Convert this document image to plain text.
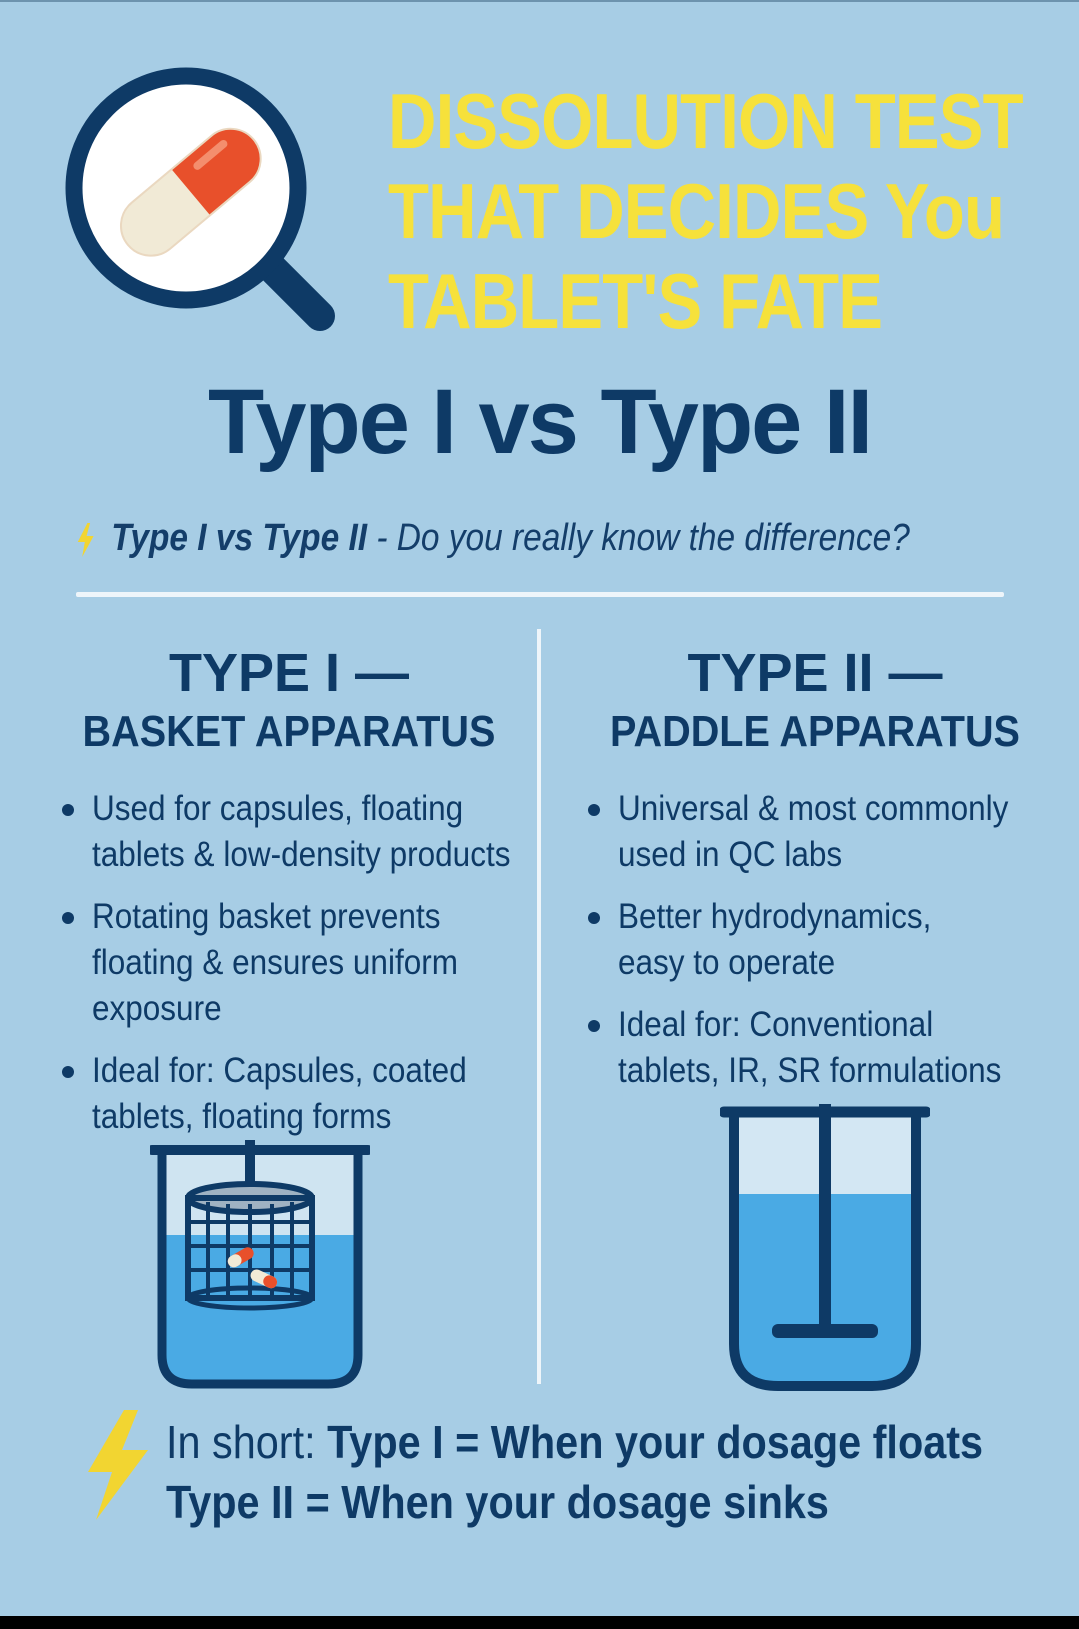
DISSOLUTION TEST
THAT DECIDES You
TABLET'S FATE
Type I vs Type II
Type I vs Type II - Do you really know the difference?
TYPE I —
BASKET APPARATUS
Used for capsules, floating
tablets & low-density products
Rotating basket prevents
floating & ensures uniform
exposure
Ideal for: Capsules, coated
tablets, floating forms
TYPE II —
PADDLE APPARATUS
Universal & most commonly
used in QC labs
Better hydrodynamics,
easy to operate
Ideal for: Conventional
tablets, IR, SR formulations
In short: Type I = When your dosage floats
Type II = When your dosage sinks
